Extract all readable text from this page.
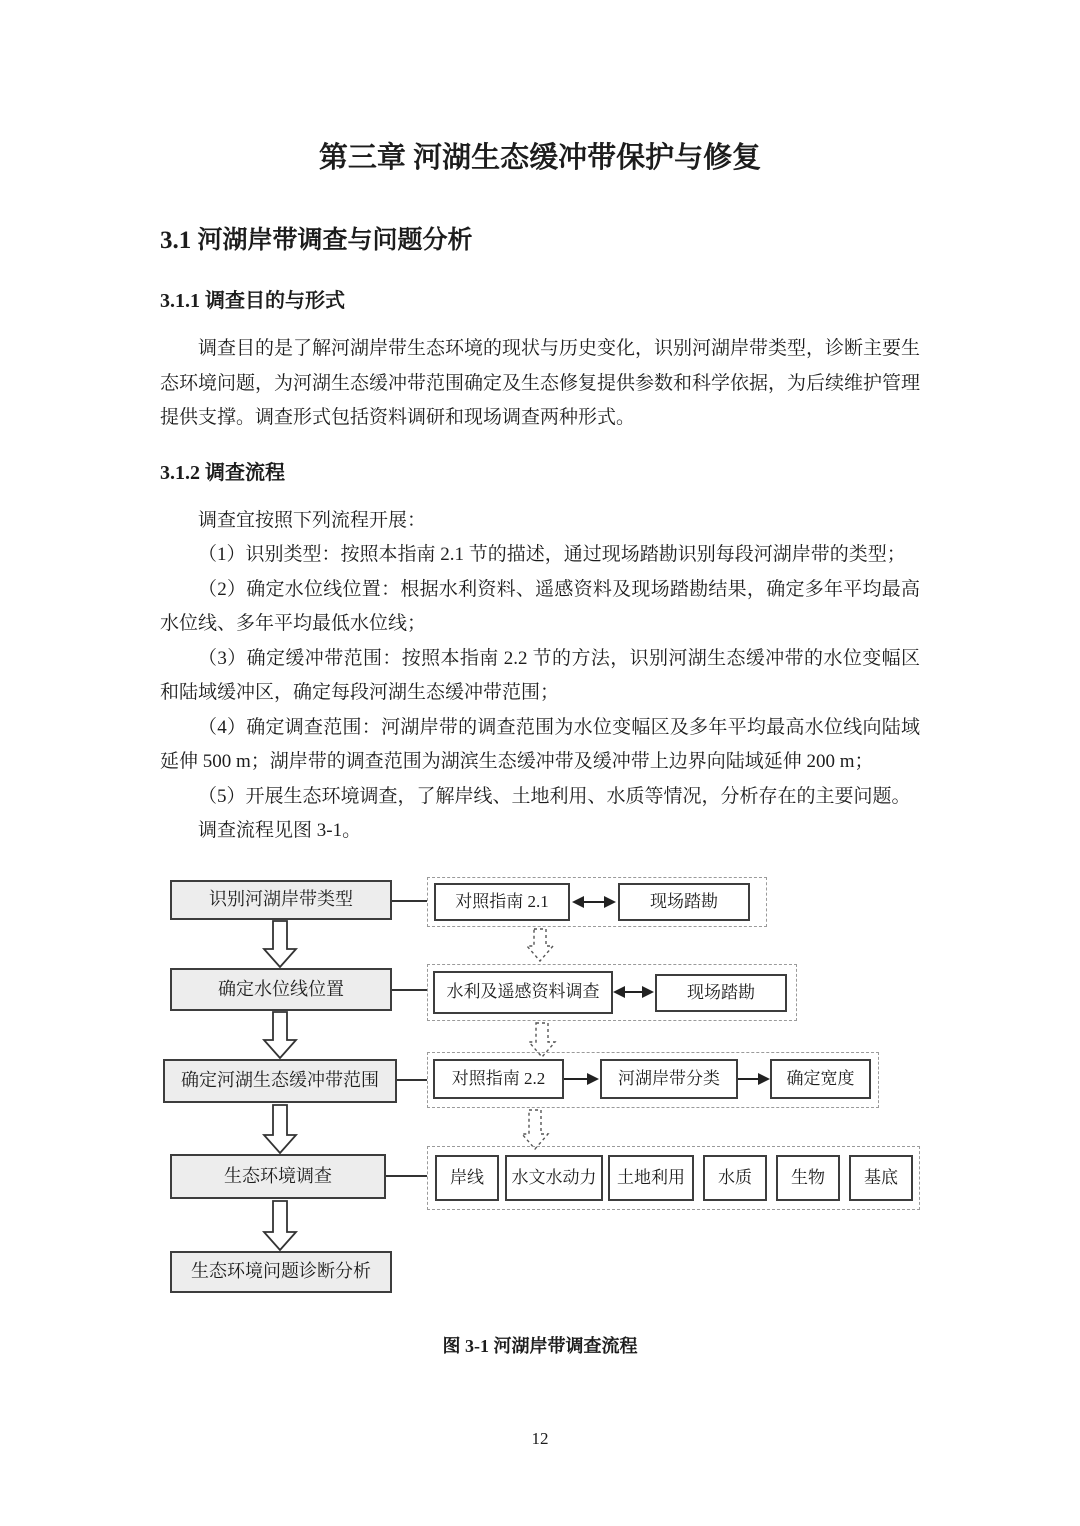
第三章 河湖生态缓冲带保护与修复
3.1 河湖岸带调查与问题分析
3.1.1 调查目的与形式

调查目的是了解河湖岸带生态环境的现状与历史变化，识别河湖岸带类型，诊断主要生态环境问题，为河湖生态缓冲带范围确定及生态修复提供参数和科学依据，为后续维护管理提供支撑。调查形式包括资料调研和现场调查两种形式。

3.1.2 调查流程

调查宜按照下列流程开展：

（1）识别类型：按照本指南 2.1 节的描述，通过现场踏勘识别每段河湖岸带的类型；

（2）确定水位线位置：根据水利资料、遥感资料及现场踏勘结果，确定多年平均最高水位线、多年平均最低水位线；

（3）确定缓冲带范围：按照本指南 2.2 节的方法，识别河湖生态缓冲带的水位变幅区和陆域缓冲区，确定每段河湖生态缓冲带范围；

（4）确定调查范围：河湖岸带的调查范围为水位变幅区及多年平均最高水位线向陆域延伸 500 m；湖岸带的调查范围为湖滨生态缓冲带及缓冲带上边界向陆域延伸 200 m；

（5）开展生态环境调查，了解岸线、土地利用、水质等情况，分析存在的主要问题。

调查流程见图 3-1。

识别河湖岸带类型
确定水位线位置
确定河湖生态缓冲带范围
生态环境调查
生态环境问题诊断分析
对照指南 2.1	现场踏勘
水利及遥感资料调查	现场踏勘
对照指南 2.2	河湖岸带分类	确定宽度
岸线	水文水动力	土地利用	水质	生物	基底
图 3-1 河湖岸带调查流程
12
